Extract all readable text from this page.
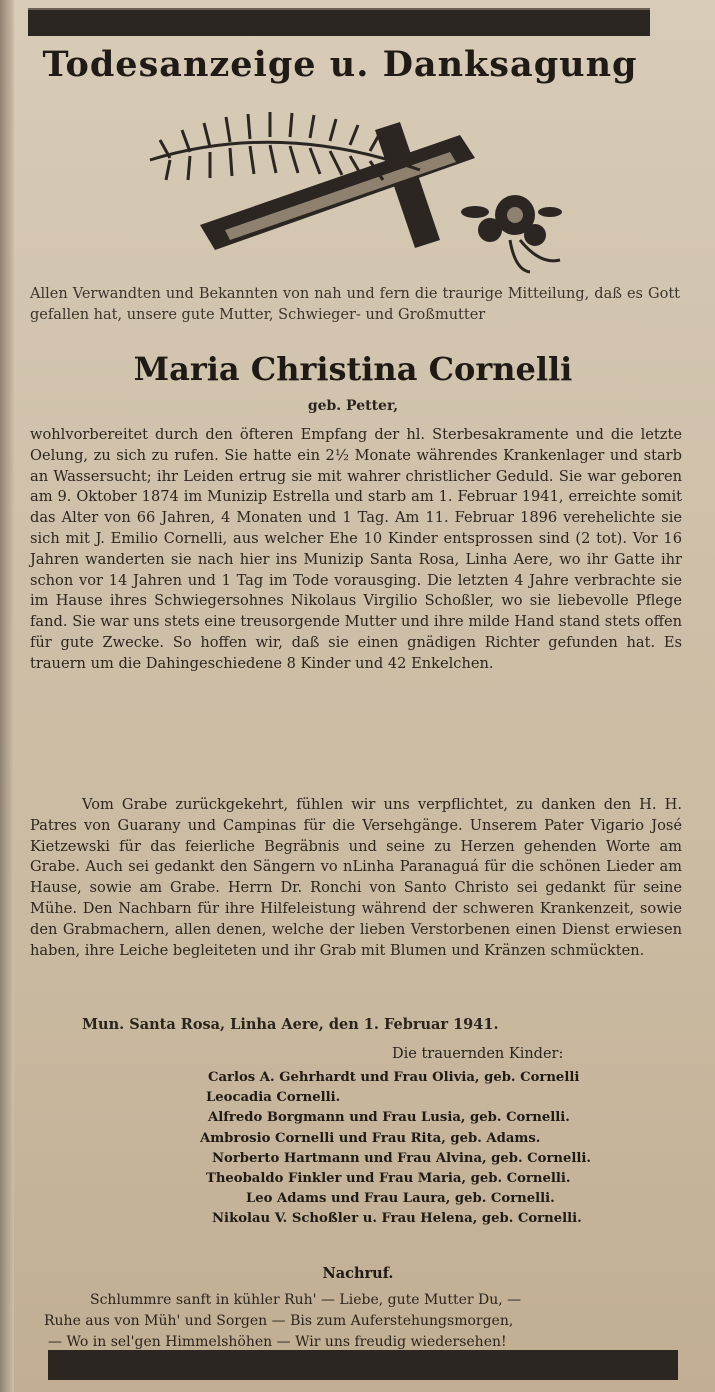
Todesanzeige u. Danksagung

Allen Verwandten und Bekannten von nah und fern die traurige Mitteilung, daß es Gott gefallen hat, unsere gute Mutter, Schwieger- und Großmutter

Maria Christina Cornelli
geb. Petter,

wohlvorbereitet durch den öfteren Empfang der hl. Sterbesakramente und die letzte Oelung, zu sich zu rufen. Sie hatte ein 2½ Monate währendes Krankenlager und starb an Wassersucht; ihr Leiden ertrug sie mit wahrer christlicher Geduld. Sie war geboren am 9. Oktober 1874 im Munizip Estrella und starb am 1. Februar 1941, erreichte somit das Alter von 66 Jahren, 4 Monaten und 1 Tag. Am 11. Februar 1896 verehelichte sie sich mit J. Emilio Cornelli, aus welcher Ehe 10 Kinder entsprossen sind (2 tot). Vor 16 Jahren wanderten sie nach hier ins Munizip Santa Rosa, Linha Aere, wo ihr Gatte ihr schon vor 14 Jahren und 1 Tag im Tode vorausging. Die letzten 4 Jahre verbrachte sie im Hause ihres Schwiegersohnes Nikolaus Virgilio Schoßler, wo sie liebevolle Pflege fand. Sie war uns stets eine treusorgende Mutter und ihre milde Hand stand stets offen für gute Zwecke. So hoffen wir, daß sie einen gnädigen Richter gefunden hat. Es trauern um die Dahingeschiedene 8 Kinder und 42 Enkelchen.

Vom Grabe zurückgekehrt, fühlen wir uns verpflichtet, zu danken den H. H. Patres von Guarany und Campinas für die Versehgänge. Unserem Pater Vigario José Kietzewski für das feierliche Begräbnis und seine zu Herzen gehenden Worte am Grabe. Auch sei gedankt den Sängern vo nLinha Paranaguá für die schönen Lieder am Hause, sowie am Grabe. Herrn Dr. Ronchi von Santo Christo sei gedankt für seine Mühe. Den Nachbarn für ihre Hilfeleistung während der schweren Krankenzeit, sowie den Grabmachern, allen denen, welche der lieben Verstorbenen einen Dienst erwiesen haben, ihre Leiche begleiteten und ihr Grab mit Blumen und Kränzen schmückten.

Mun. Santa Rosa, Linha Aere, den 1. Februar 1941.
Die trauernden Kinder:
Carlos A. Gehrhardt und Frau Olivia, geb. Cornelli
Leocadia Cornelli.
Alfredo Borgmann und Frau Lusia, geb. Cornelli.
Ambrosio Cornelli und Frau Rita, geb. Adams.
Norberto Hartmann und Frau Alvina, geb. Cornelli.
Theobaldo Finkler und Frau Maria, geb. Cornelli.
Leo Adams und Frau Laura, geb. Cornelli.
Nikolau V. Schoßler u. Frau Helena, geb. Cornelli.
Nachruf.
Schlummre sanft in kühler Ruh' — Liebe, gute Mutter Du, —
Ruhe aus von Müh' und Sorgen — Bis zum Auferstehungsmorgen,
— Wo in sel'gen Himmelshöhen — Wir uns freudig wiedersehen!
